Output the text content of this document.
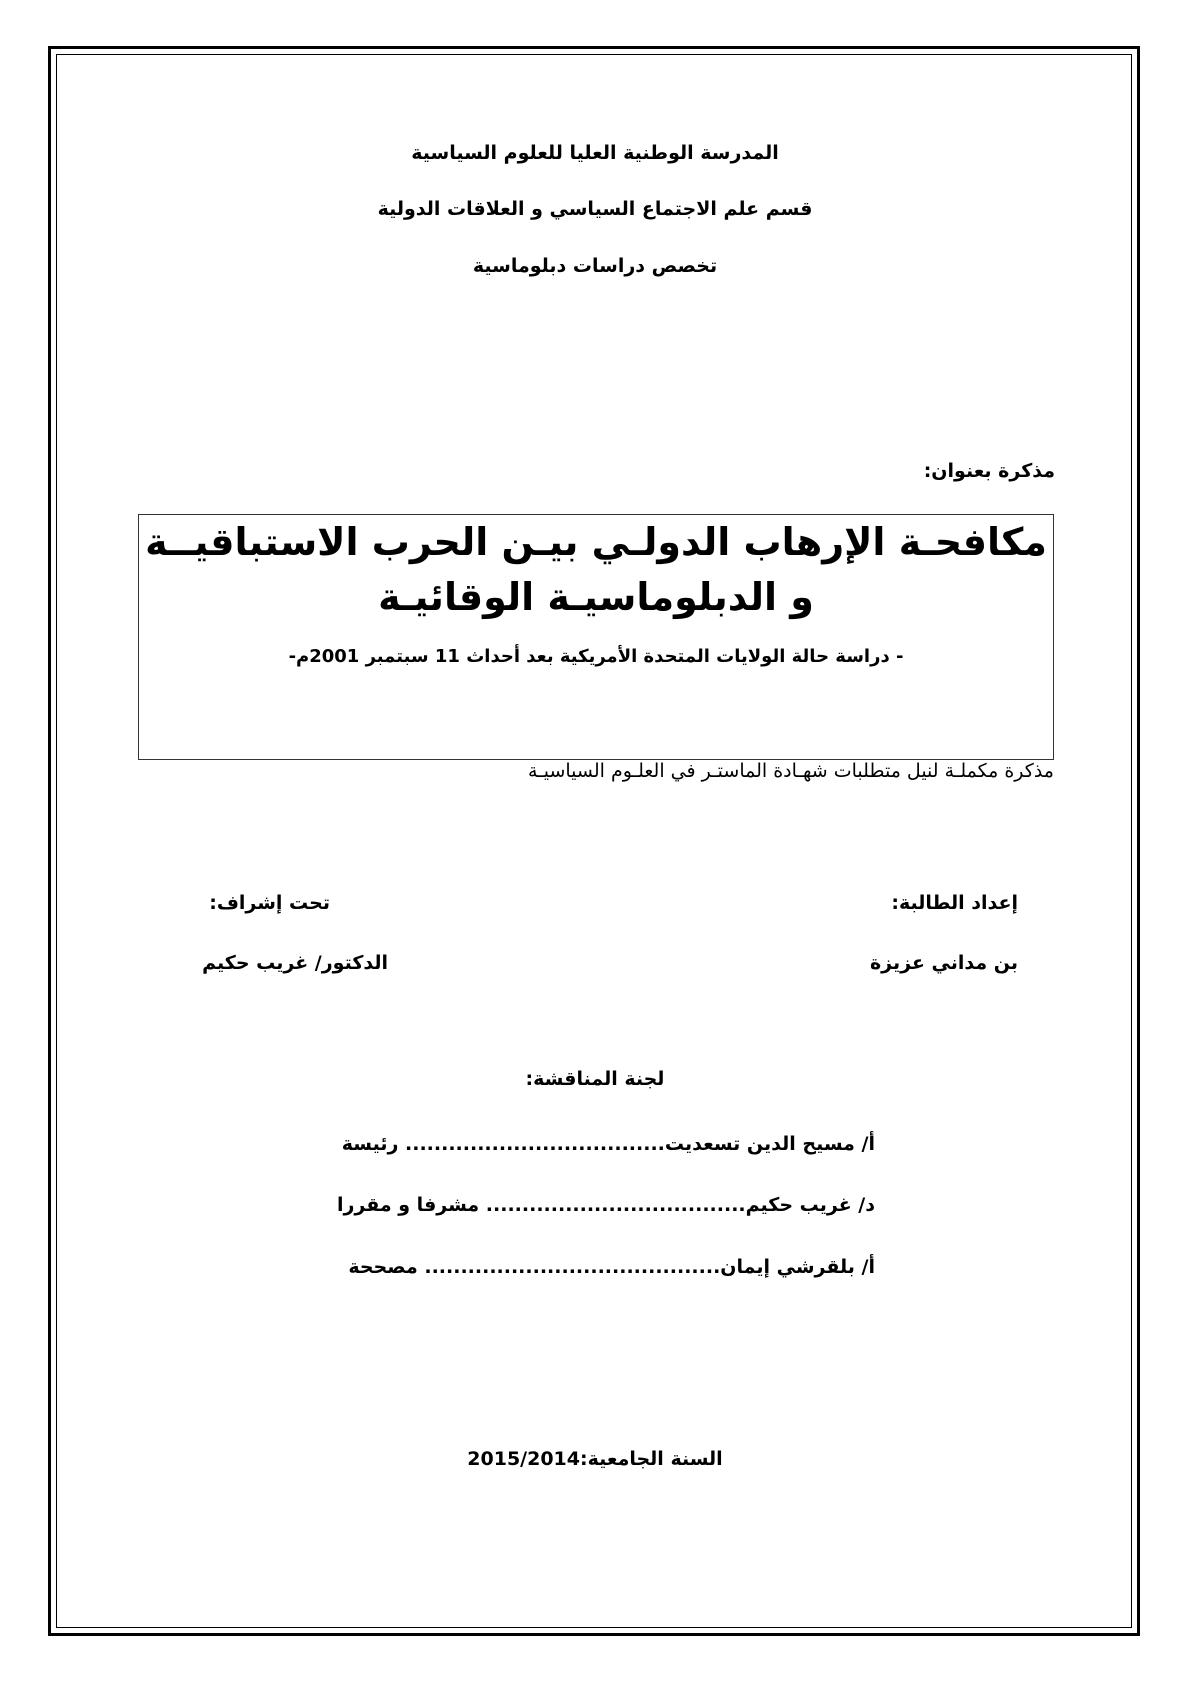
المدرسة الوطنية العليا للعلوم السياسية
قسم علم الاجتماع السياسي و العلاقات الدولية
تخصص دراسات دبلوماسية
مذكرة بعنوان:
مكافحـة الإرهاب الدولـي بيـن الحرب الاستباقيــة
و الدبلوماسيـة الوقائيـة
- دراسة حالة الولايات المتحدة الأمريكية بعد أحداث 11 سبتمبر 2001م-
مذكرة مكملـة لنيل متطلبات شهـادة الماستـر في العلـوم السياسيـة
إعداد الطالبة:
بن مداني عزيزة
تحت إشراف:
الدكتور/ غريب حكيم
لجنة المناقشة:
أ/ مسيح الدين تسعديت.................................... رئيسة
د/ غريب حكيم.................................... مشرفا و مقررا
أ/ بلقرشي إيمان......................................... مصححة
السنة الجامعية:2015/2014
